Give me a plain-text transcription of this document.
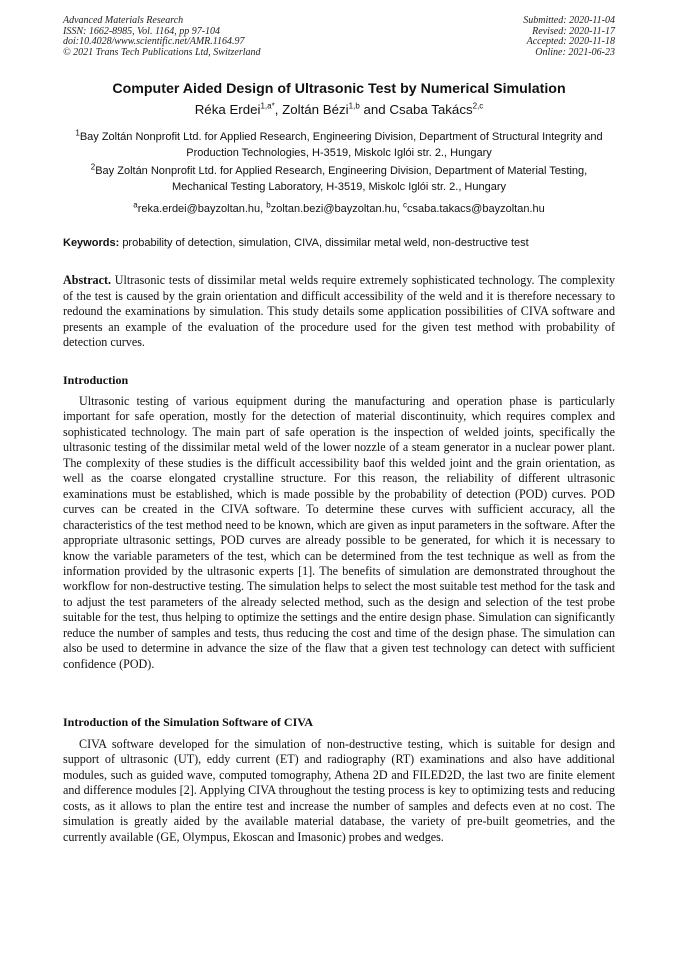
Advanced Materials Research
ISSN: 1662-8985, Vol. 1164, pp 97-104
doi:10.4028/www.scientific.net/AMR.1164.97
© 2021 Trans Tech Publications Ltd, Switzerland
Submitted: 2020-11-04
Revised: 2020-11-17
Accepted: 2020-11-18
Online: 2021-06-23
Computer Aided Design of Ultrasonic Test by Numerical Simulation
Réka Erdei$^{1,a*}$, Zoltán Bézi$^{1,b}$ and Csaba Takács$^{2,c}$
$^1$Bay Zoltán Nonprofit Ltd. for Applied Research, Engineering Division, Department of Structural Integrity and Production Technologies, H-3519, Miskolc Iglói str. 2., Hungary
$^2$Bay Zoltán Nonprofit Ltd. for Applied Research, Engineering Division, Department of Material Testing, Mechanical Testing Laboratory, H-3519, Miskolc Iglói str. 2., Hungary
$^a$reka.erdei@bayzoltan.hu, $^b$zoltan.bezi@bayzoltan.hu, $^c$csaba.takacs@bayzoltan.hu
Keywords: probability of detection, simulation, CIVA, dissimilar metal weld, non-destructive test
Abstract. Ultrasonic tests of dissimilar metal welds require extremely sophisticated technology. The complexity of the test is caused by the grain orientation and difficult accessibility of the weld and it is therefore necessary to redound the examinations by simulation. This study details some application possibilities of CIVA software and presents an example of the evaluation of the procedure used for the given test method with probability of detection curves.
Introduction
Ultrasonic testing of various equipment during the manufacturing and operation phase is particularly important for safe operation, mostly for the detection of material discontinuity, which requires complex and sophisticated technology. The main part of safe operation is the inspection of welded joints, specifically the ultrasonic testing of the dissimilar metal weld of the lower nozzle of a steam generator in a nuclear power plant. The complexity of these studies is the difficult accessibility baof this welded joint and the grain orientation, as well as the coarse elongated crystalline structure. For this reason, the reliability of different ultrasonic examinations must be established, which is made possible by the probability of detection (POD) curves. POD curves can be created in the CIVA software. To determine these curves with sufficient accuracy, all the characteristics of the test method need to be known, which are given as input parameters in the software. After the appropriate ultrasonic settings, POD curves are already possible to be generated, for which it is necessary to know the variable parameters of the test, which can be determined from the test technique as well as from the information provided by the ultrasonic experts [1]. The benefits of simulation are demonstrated throughout the workflow for non-destructive testing. The simulation helps to select the most suitable test method for the task and to adjust the test parameters of the already selected method, such as the design and selection of the test probe suitable for the test, thus helping to optimize the settings and the entire design phase. Simulation can significantly reduce the number of samples and tests, thus reducing the cost and time of the design phase. The simulation can also be used to determine in advance the size of the flaw that a given test technology can detect with sufficient confidence (POD).
Introduction of the Simulation Software of CIVA
CIVA software developed for the simulation of non-destructive testing, which is suitable for design and support of ultrasonic (UT), eddy current (ET) and radiography (RT) examinations and also have additional modules, such as guided wave, computed tomography, Athena 2D and FILED2D, the last two are finite element and difference modules [2]. Applying CIVA throughout the testing process is key to optimizing tests and reducing costs, as it allows to plan the entire test and increase the number of samples and defects even at no cost. The simulation is greatly aided by the available material database, the variety of pre-built geometries, and the currently available (GE, Olympus, Ekoscan and Imasonic) probes and wedges.
